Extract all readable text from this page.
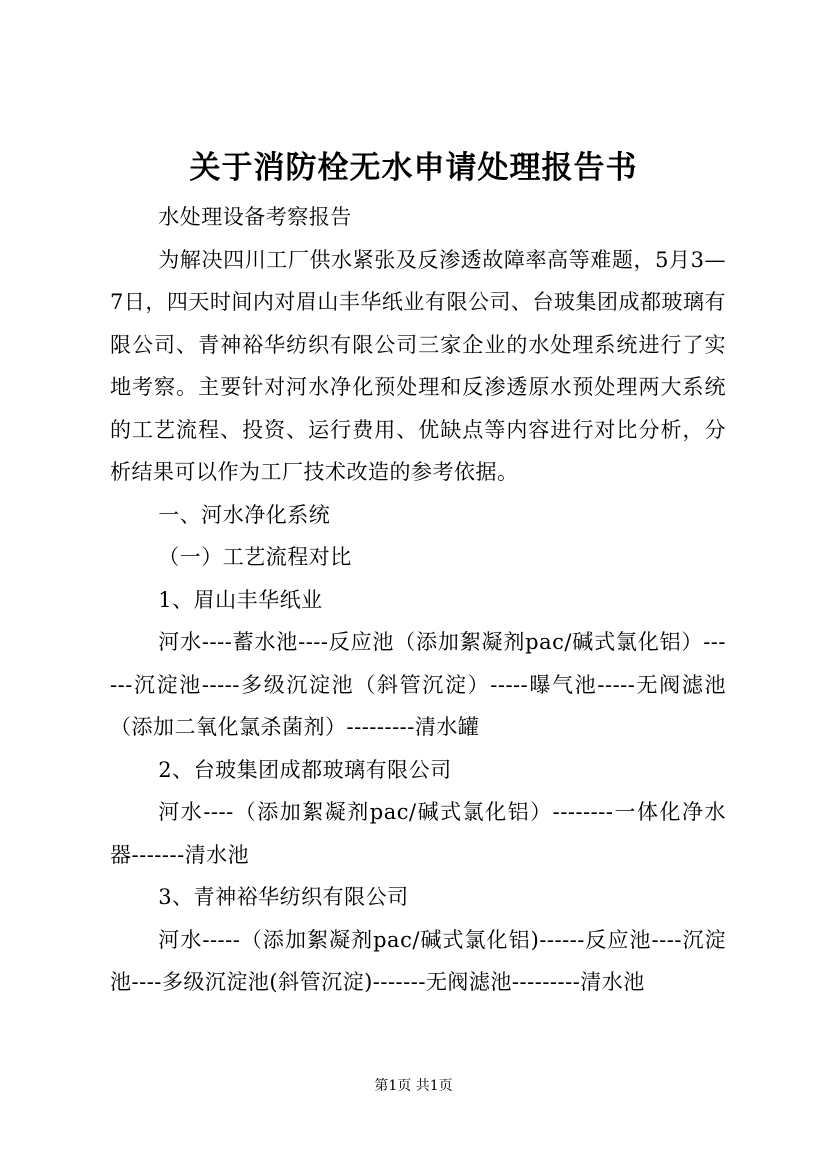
关于消防栓无水申请处理报告书

水处理设备考察报告

为解决四川工厂供水紧张及反渗透故障率高等难题，5月3—7日，四天时间内对眉山丰华纸业有限公司、台玻集团成都玻璃有限公司、青神裕华纺织有限公司三家企业的水处理系统进行了实地考察。主要针对河水净化预处理和反渗透原水预处理两大系统的工艺流程、投资、运行费用、优缺点等内容进行对比分析，分析结果可以作为工厂技术改造的参考依据。

一、河水净化系统

（一）工艺流程对比

1、眉山丰华纸业

河水----蓄水池----反应池（添加絮凝剂pac/碱式氯化铝）------沉淀池-----多级沉淀池（斜管沉淀）-----曝气池-----无阀滤池（添加二氧化氯杀菌剂）---------清水罐

2、台玻集团成都玻璃有限公司

河水----（添加絮凝剂pac/碱式氯化铝）--------一体化净水器-------清水池

3、青神裕华纺织有限公司

河水-----（添加絮凝剂pac/碱式氯化铝)------反应池----沉淀池----多级沉淀池(斜管沉淀)-------无阀滤池---------清水池

第1页 共1页
